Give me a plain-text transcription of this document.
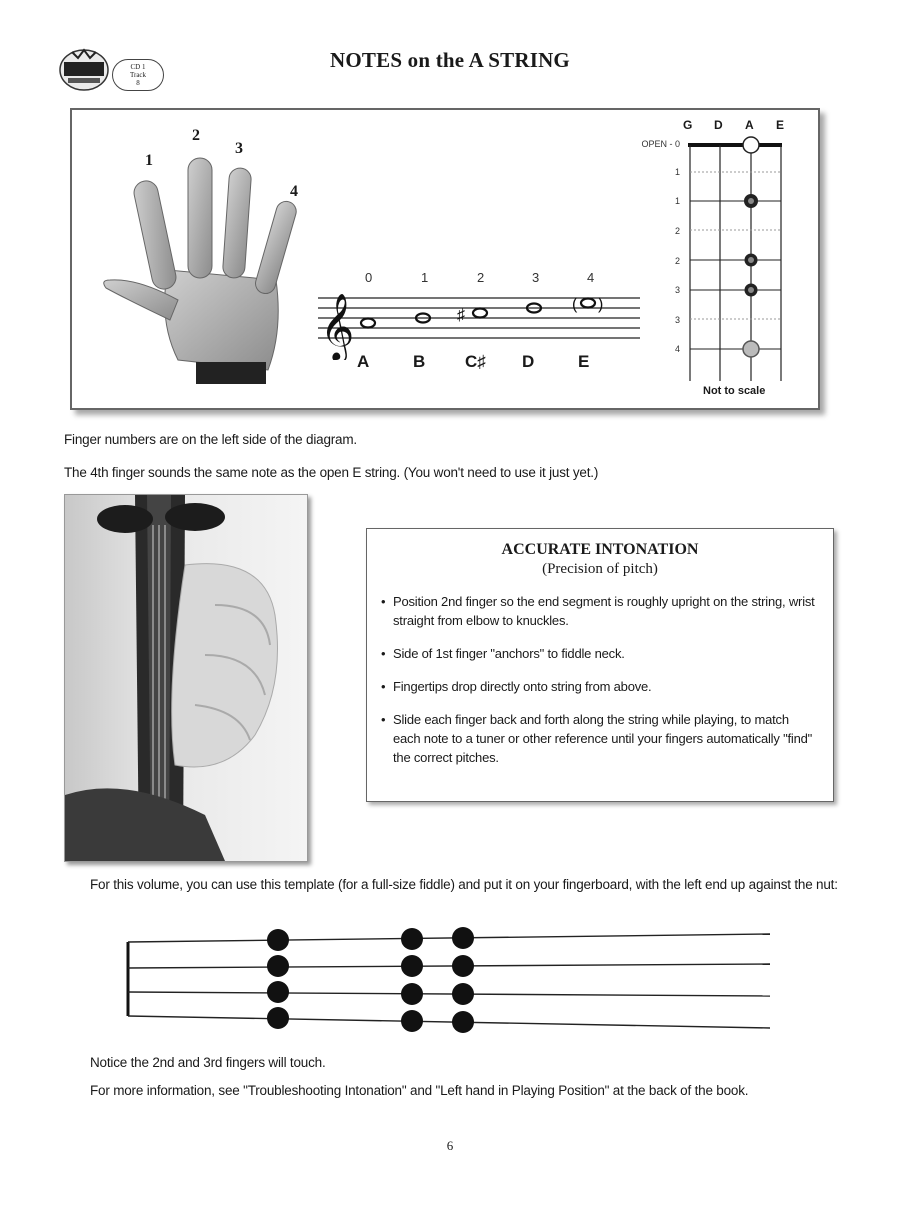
CD 1
Track
8
NOTES on the A STRING
1
2
3
4
0	1	2	3	4
𝄞	♯
( )
A	B C♯ D	E
G D A E
OPEN - 0
1
1
2
2
3
3
4
Not to scale
Finger numbers are on the left side of the diagram.
The 4th finger sounds the same note as the open E string. (You won't need to use it just yet.)
ACCURATE INTONATION
(Precision of pitch)
• Position 2nd finger so the end segment is roughly upright on the string, wrist straight from elbow to knuckles.
• Side of 1st finger "anchors" to fiddle neck.
• Fingertips drop directly onto string from above.
• Slide each finger back and forth along the string while playing, to match each note to a tuner or other reference until your fingers automatically "find" the correct pitches.
For this volume, you can use this template (for a full-size fiddle) and put it on your fingerboard, with the left end up against the nut:
Notice the 2nd and 3rd fingers will touch.
For more information, see "Troubleshooting Intonation" and "Left hand in Playing Position" at the back of the book.
6
